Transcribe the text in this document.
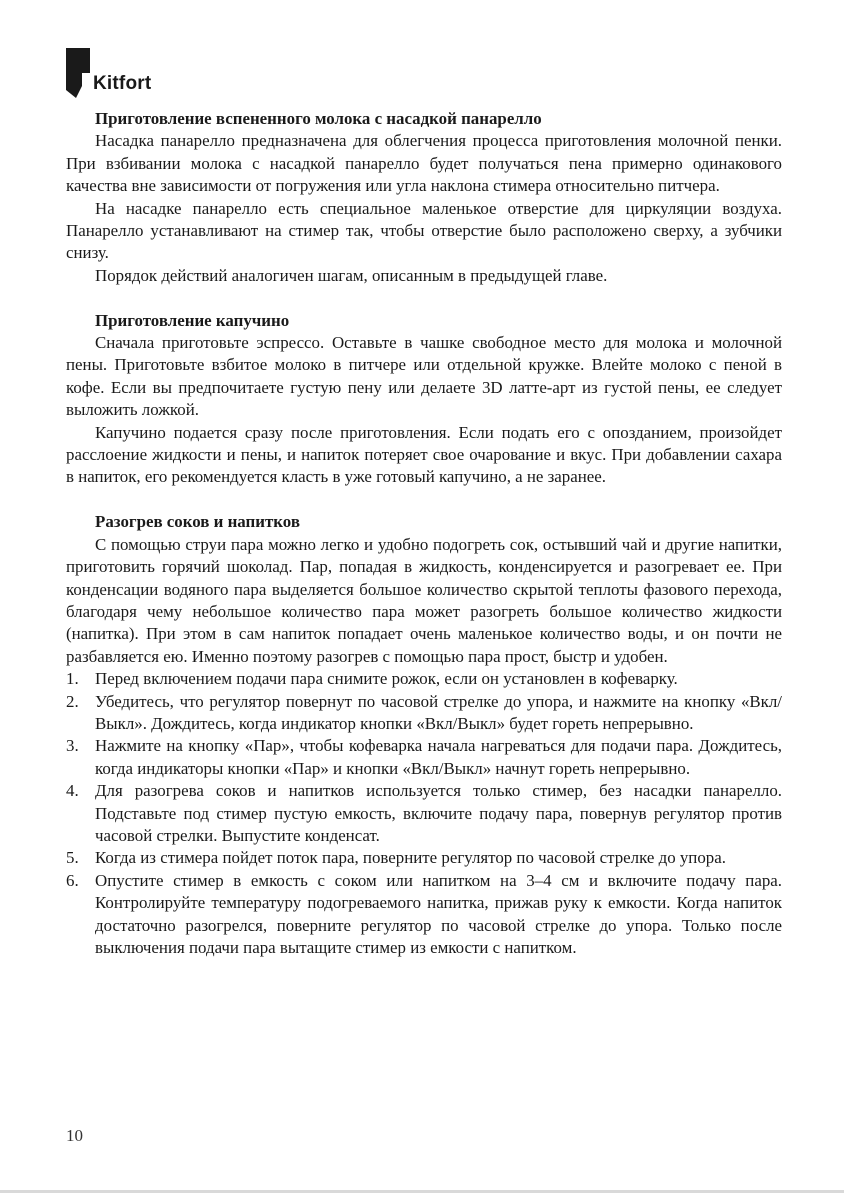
Kitfort
Приготовление вспененного молока с насадкой панарелло

Насадка панарелло предназначена для облегчения процесса приготовления молочной пенки. При взбивании молока с насадкой панарелло будет получаться пена примерно одинакового качества вне зависимости от погружения или угла наклона стимера относительно питчера.

На насадке панарелло есть специальное маленькое отверстие для циркуляции воздуха. Панарелло устанавливают на стимер так, чтобы отверстие было расположено сверху, а зубчики снизу.

Порядок действий аналогичен шагам, описанным в предыдущей главе.

Приготовление капучино

Сначала приготовьте эспрессо. Оставьте в чашке свободное место для молока и молочной пены. Приготовьте взбитое молоко в питчере или отдельной кружке. Влейте молоко с пеной в кофе. Если вы предпочитаете густую пену или делаете 3D латте-арт из густой пены, ее следует выложить ложкой.

Капучино подается сразу после приготовления. Если подать его с опозданием, произойдет расслоение жидкости и пены, и напиток потеряет свое очарование и вкус. При добавлении сахара в напиток, его рекомендуется класть в уже готовый капучино, а не заранее.

Разогрев соков и напитков

С помощью струи пара можно легко и удобно подогреть сок, остывший чай и другие напитки, приготовить горячий шоколад. Пар, попадая в жидкость, конденсируется и разогревает ее. При конденсации водяного пара выделяется большое количество скрытой теплоты фазового перехода, благодаря чему небольшое количество пара может разогреть большое количество жидкости (напитка). При этом в сам напиток попадает очень маленькое количество воды, и он почти не разбавляется ею. Именно поэтому разогрев с помощью пара прост, быстр и удобен.

1. Перед включением подачи пара снимите рожок, если он установлен в кофеварку.
2. Убедитесь, что регулятор повернут по часовой стрелке до упора, и нажмите на кнопку «Вкл/Выкл». Дождитесь, когда индикатор кнопки «Вкл/Выкл» будет гореть непрерывно.
3. Нажмите на кнопку «Пар», чтобы кофеварка начала нагреваться для подачи пара. Дождитесь, когда индикаторы кнопки «Пар» и кнопки «Вкл/Выкл» начнут гореть непрерывно.
4. Для разогрева соков и напитков используется только стимер, без насадки панарелло. Подставьте под стимер пустую емкость, включите подачу пара, повернув регулятор против часовой стрелки. Выпустите конденсат.
5. Когда из стимера пойдет поток пара, поверните регулятор по часовой стрелке до упора.
6. Опустите стимер в емкость с соком или напитком на 3–4 см и включите подачу пара. Контролируйте температуру подогреваемого напитка, прижав руку к емкости. Когда напиток достаточно разогрелся, поверните регулятор по часовой стрелке до упора. Только после выключения подачи пара вытащите стимер из емкости с напитком.
10
